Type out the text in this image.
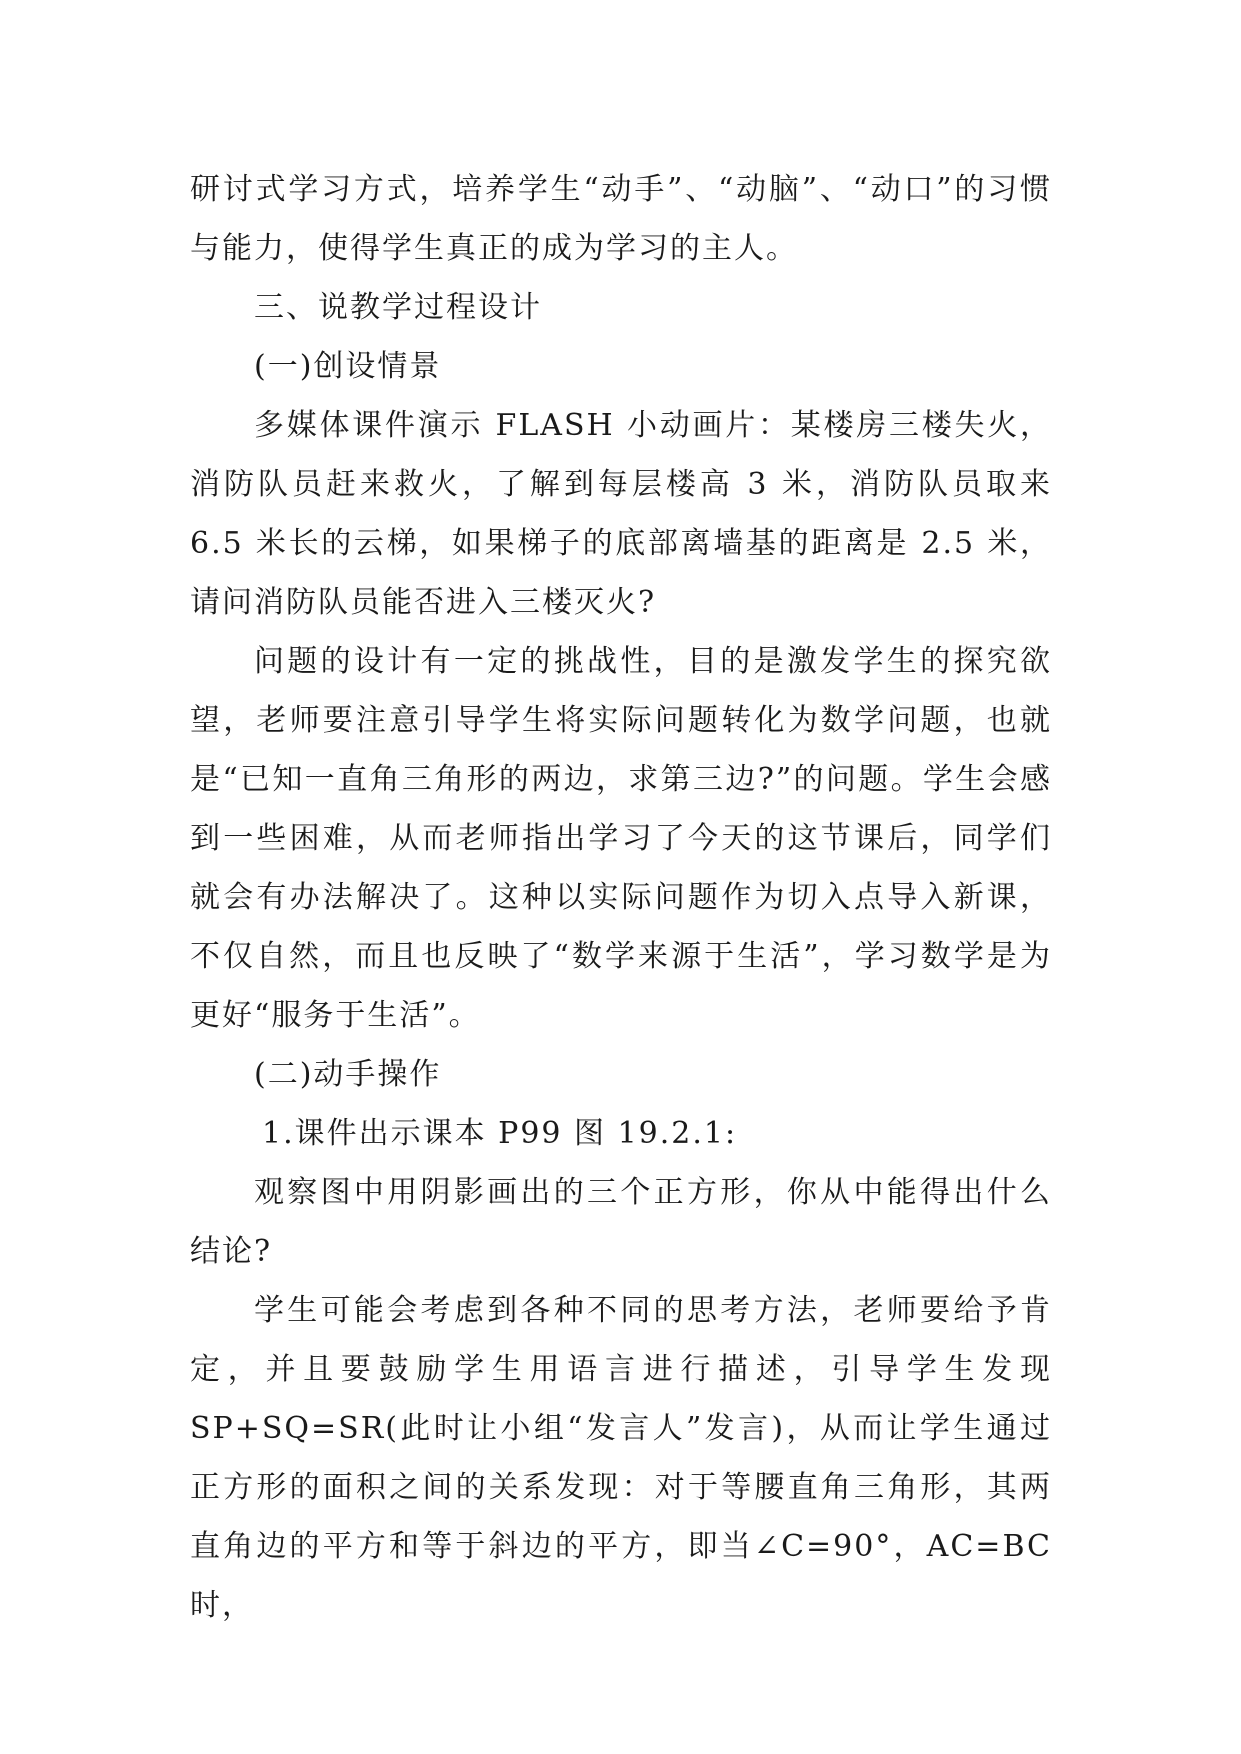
研讨式学习方式，培养学生“动手”、“动脑”、“动口”的习惯与能力，使得学生真正的成为学习的主人。

三、说教学过程设计

(一)创设情景

多媒体课件演示 FLASH 小动画片：某楼房三楼失火，消防队员赶来救火，了解到每层楼高 3 米，消防队员取来 6.5 米长的云梯，如果梯子的底部离墙基的距离是 2.5 米，请问消防队员能否进入三楼灭火?

问题的设计有一定的挑战性，目的是激发学生的探究欲望，老师要注意引导学生将实际问题转化为数学问题，也就是“已知一直角三角形的两边，求第三边?”的问题。学生会感到一些困难，从而老师指出学习了今天的这节课后，同学们就会有办法解决了。这种以实际问题作为切入点导入新课，不仅自然，而且也反映了“数学来源于生活”，学习数学是为更好“服务于生活”。

(二)动手操作

1.课件出示课本 P99 图 19.2.1:

观察图中用阴影画出的三个正方形，你从中能得出什么结论?

学生可能会考虑到各种不同的思考方法，老师要给予肯定，并且要鼓励学生用语言进行描述，引导学生发现 SP+SQ=SR(此时让小组“发言人”发言)，从而让学生通过正方形的面积之间的关系发现：对于等腰直角三角形，其两直角边的平方和等于斜边的平方，即当∠C=90°，AC=BC 时，
